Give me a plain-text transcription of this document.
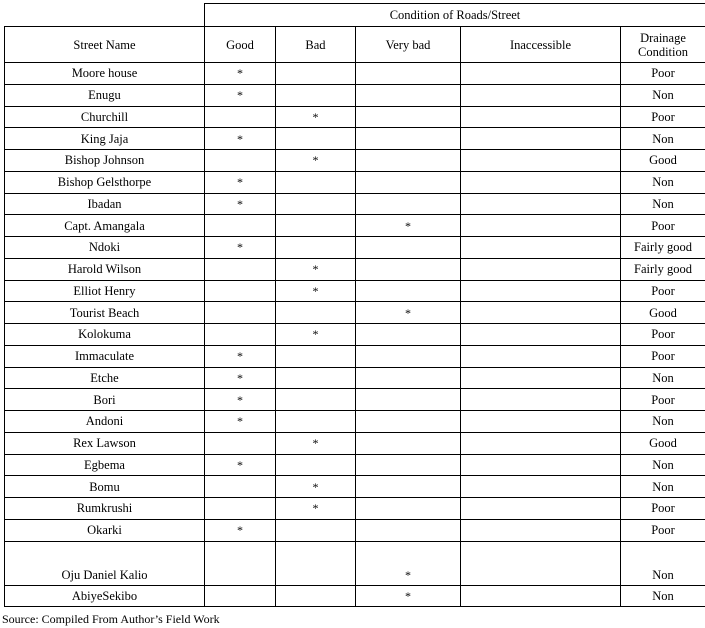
	Condition of Roads/Street				
Street Name	Good	Bad	Very bad	Inaccessible	Drainage
Condition
Moore house	*				Poor
Enugu	*				Non
Churchill		*			Poor
King Jaja	*				Non
Bishop Johnson		*			Good
Bishop Gelsthorpe	*				Non
Ibadan	*				Non
Capt. Amangala			*		Poor
Ndoki	*				Fairly good
Harold Wilson		*			Fairly good
Elliot Henry		*			Poor
Tourist Beach			*		Good
Kolokuma		*			Poor
Immaculate	*				Poor
Etche	*				Non
Bori	*				Poor
Andoni	*				Non
Rex Lawson		*			Good
Egbema	*				Non
Bomu		*			Non
Rumkrushi		*			Poor
Okarki	*				Poor
Oju Daniel Kalio			*		Non
AbiyeSekibo			*		Non
Source: Compiled From Author’s Field Work
